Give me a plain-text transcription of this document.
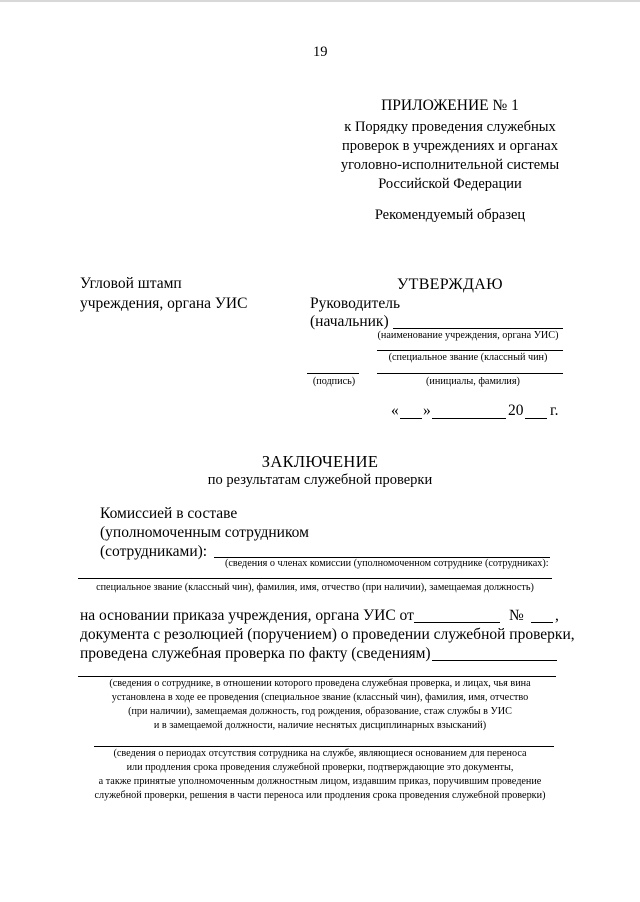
19
ПРИЛОЖЕНИЕ № 1
к Порядку проведения служебных
проверок в учреждениях и органах
уголовно-исполнительной системы
Российской Федерации
Рекомендуемый образец
Угловой штамп
учреждения, органа УИС
УТВЕРЖДАЮ
Руководитель
(начальник)
(наименование учреждения, органа УИС)
(специальное звание (классный чин)
(подпись)	(инициалы, фамилия)
« »	20 г.
ЗАКЛЮЧЕНИЕ
по результатам служебной проверки
Комиссией в составе
(уполномоченным сотрудником
(сотрудниками):
(сведения о членах комиссии (уполномоченном сотруднике (сотрудниках):
специальное звание (классный чин), фамилия, имя, отчество (при наличии), замещаемая должность)
на основании приказа учреждения, органа УИС от	№ ,
документа с резолюцией (поручением) о проведении служебной проверки,
проведена служебная проверка по факту (сведениям)
(сведения о сотруднике, в отношении которого проведена служебная проверка, и лицах, чья вина
установлена в ходе ее проведения (специальное звание (классный чин), фамилия, имя, отчество
(при наличии), замещаемая должность, год рождения, образование, стаж службы в УИС
и в замещаемой должности, наличие неснятых дисциплинарных взысканий)
(сведения о периодах отсутствия сотрудника на службе, являющиеся основанием для переноса
или продления срока проведения служебной проверки, подтверждающие это документы,
а также принятые уполномоченным должностным лицом, издавшим приказ, поручившим проведение
служебной проверки, решения в части переноса или продления срока проведения служебной проверки)
